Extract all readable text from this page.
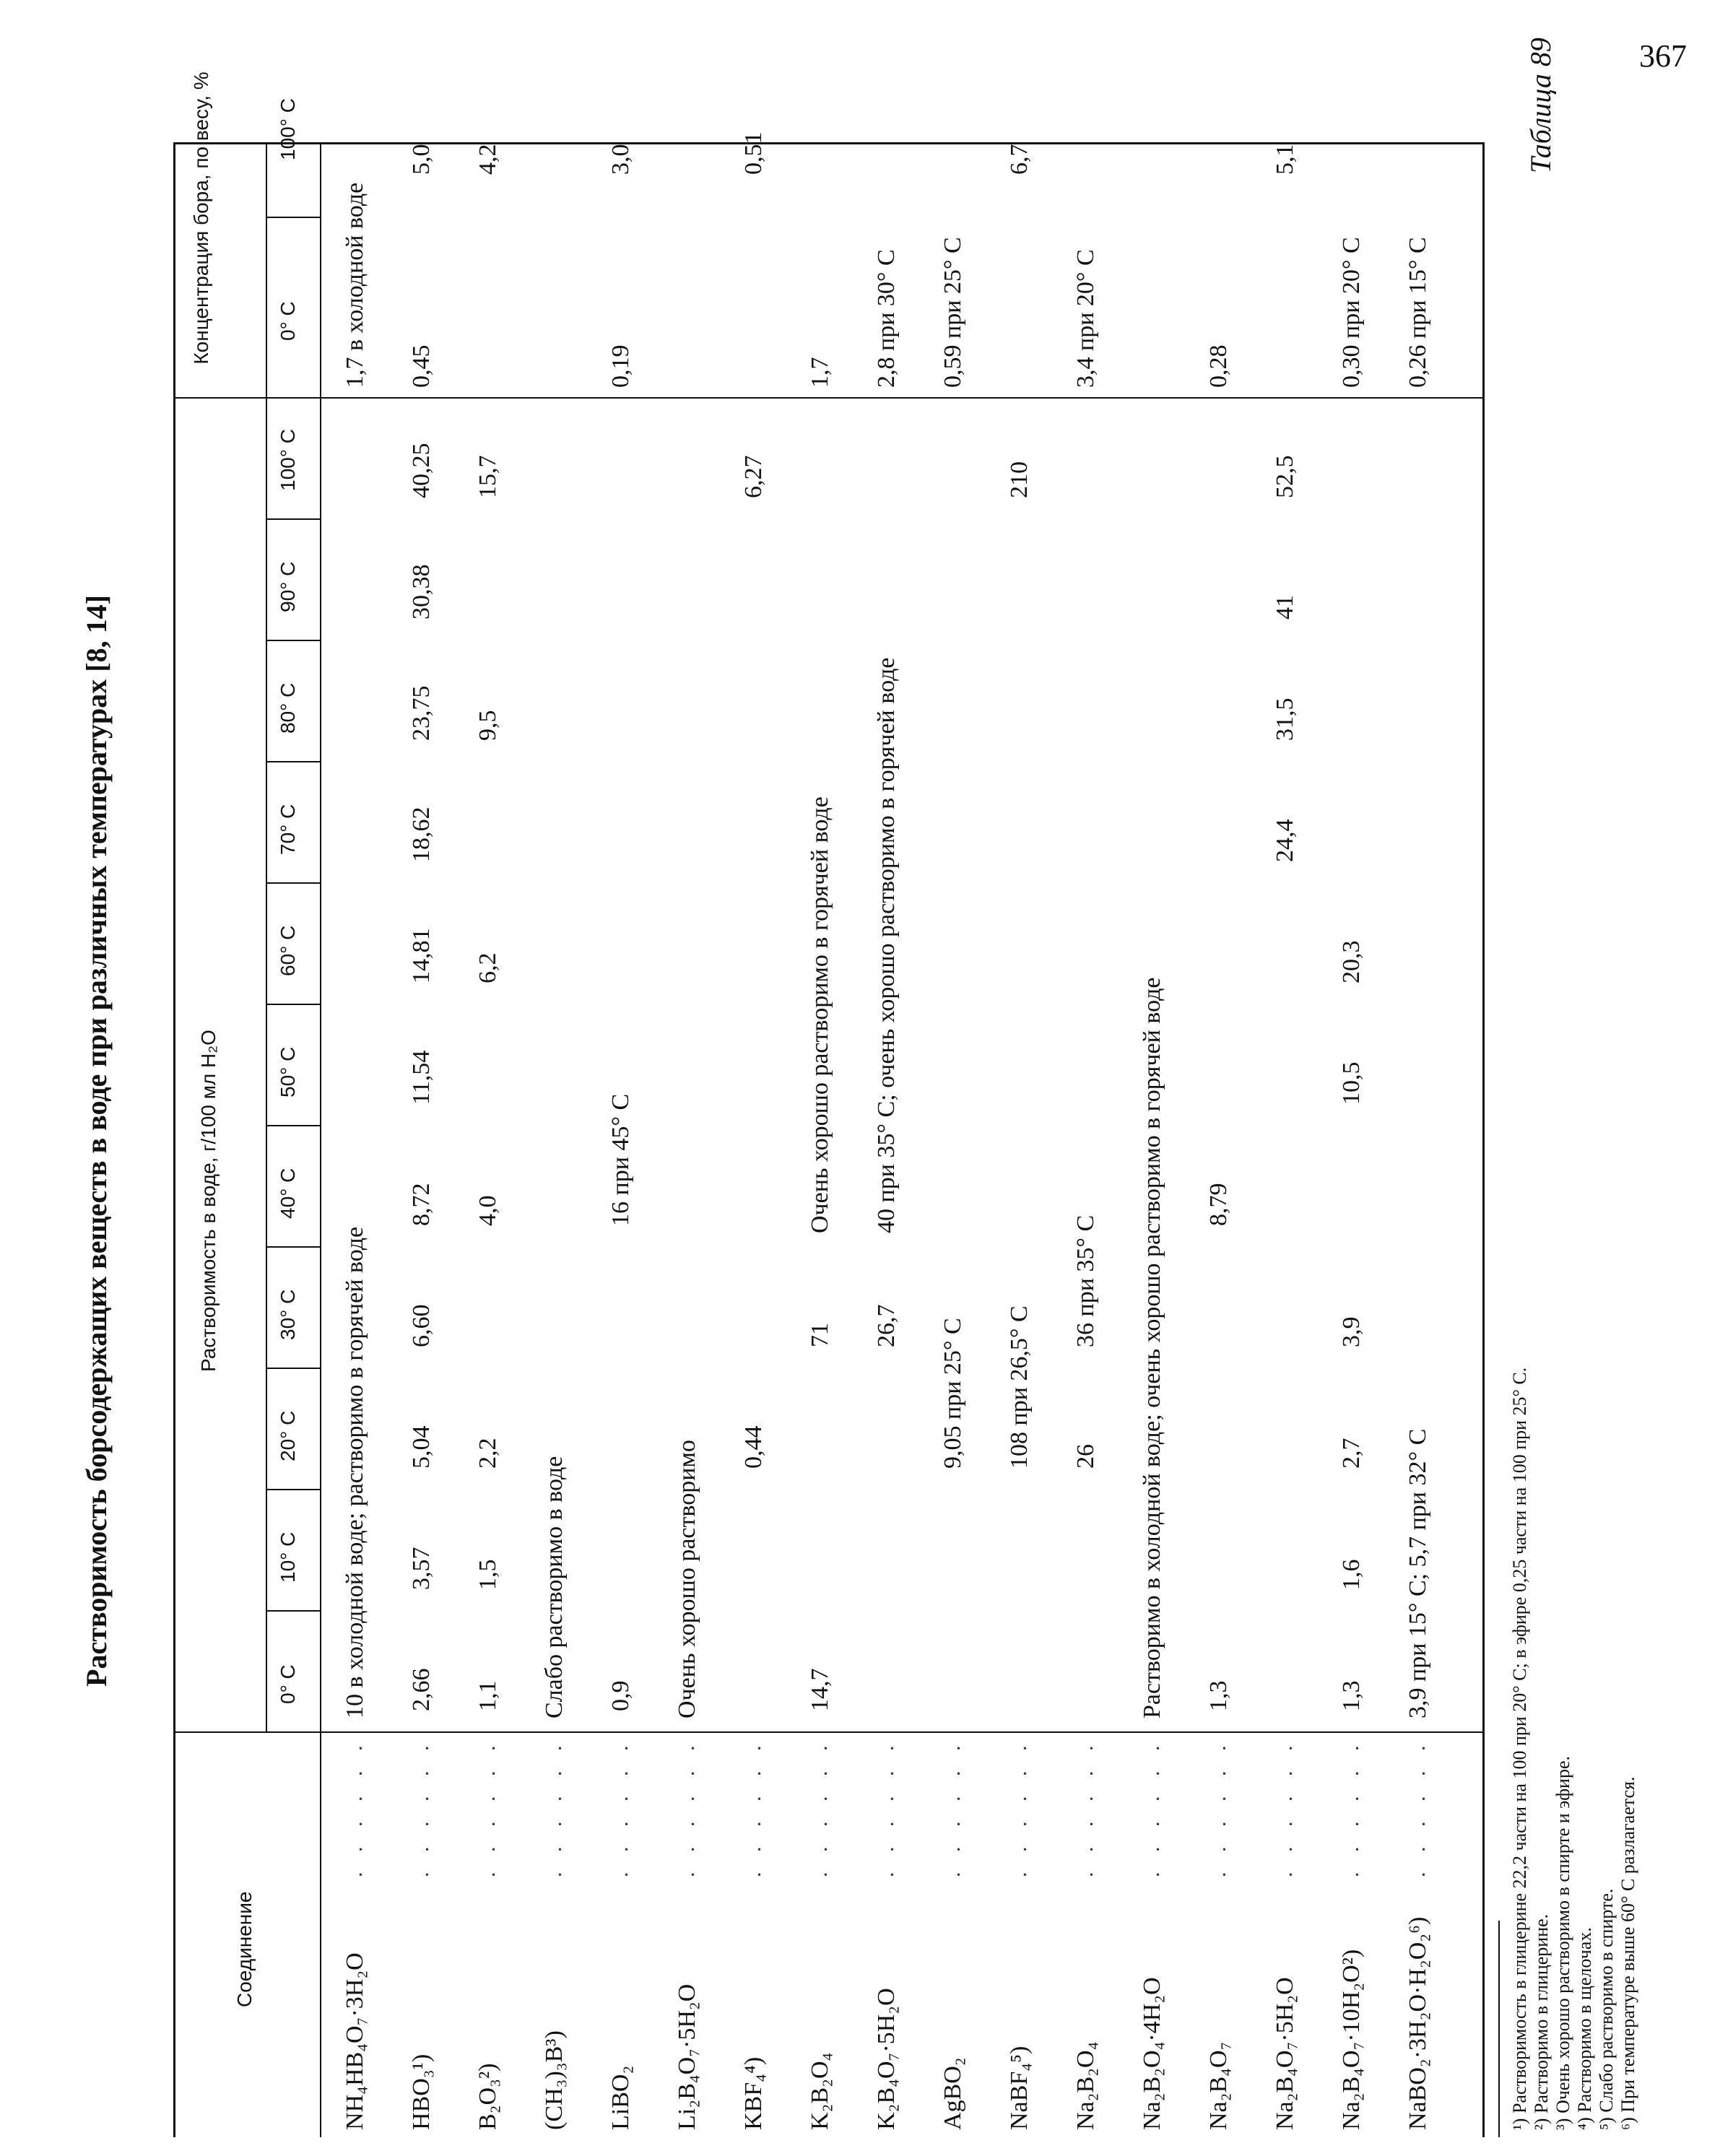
367
Таблица 89
Растворимость борсодержащих веществ в воде при различных температурах [8, 14]
Соединение
Растворимость в воде, г/100 мл H₂O
Концентрация бора, по весу, %
0° C
10° C
20° C
30° C
40° C
50° C
60° C
70° C
80° C
90° C
100° C
0° C
100° C
NH₄HB₄O₇·3H₂O
. . . . . .
10 в холодной воде; растворимо в горячей воде
1,7 в холодной воде
HBO₃¹)
. . . . . .
2,66
3,57
5,04
6,60
8,72
11,54
14,81
18,62
23,75
30,38
40,25
0,45
5,0
B₂O₃²)
. . . . . .
1,1
1,5
2,2
4,0
6,2
9,5
15,7
4,2
(CH₃)₃B³)
. . . . . .
Слабо растворимо в воде
LiBO₂
. . . . . .
0,9
16 при 45° C
0,19
3,0
Li₂B₄O₇·5H₂O
. . . . . .
Очень хорошо растворимо
KBF₄⁴)
. . . . . .
0,44
6,27
0,51
K₂B₂O₄
. . . . . .
14,7
71
Очень хорошо растворимо в горячей воде
1,7
K₂B₄O₇·5H₂O
. . . . . .
26,7
40 при 35° C; очень хорошо растворимо в горячей воде
2,8 при 30° C
AgBO₂
. . . . . .
9,05 при 25° C
0,59 при 25° C
NaBF₄⁵)
. . . . . .
108 при 26,5° C
210
6,7
Na₂B₂O₄
. . . . . .
26
36 при 35° C
3,4 при 20° C
Na₂B₂O₄·4H₂O
. . . . . .
Растворимо в холодной воде; очень хорошо растворимо в горячей воде
Na₂B₄O₇
. . . . . .
1,3
8,79
0,28
Na₂B₄O₇·5H₂O
. . . . . .
24,4
31,5
41
52,5
5,1
Na₂B₄O₇·10H₂O²)
. . . . . .
1,3
1,6
2,7
3,9
10,5
20,3
0,30 при 20° C
NaBO₂·3H₂O·H₂O₂⁶)
. . . . . .
3,9 при 15° C; 5,7 при 32° C
0,26 при 15° C
¹) Растворимость в глицерине 22,2 части на 100 при 20° C; в эфире 0,25 части на 100 при 25° C. ²) Растворимо в глицерине. ³) Очень хорошо растворимо в спирте и эфире. ⁴) Растворимо в щелочах. ⁵) Слабо растворимо в спирте. ⁶) При температуре выше 60° C разлагается.
